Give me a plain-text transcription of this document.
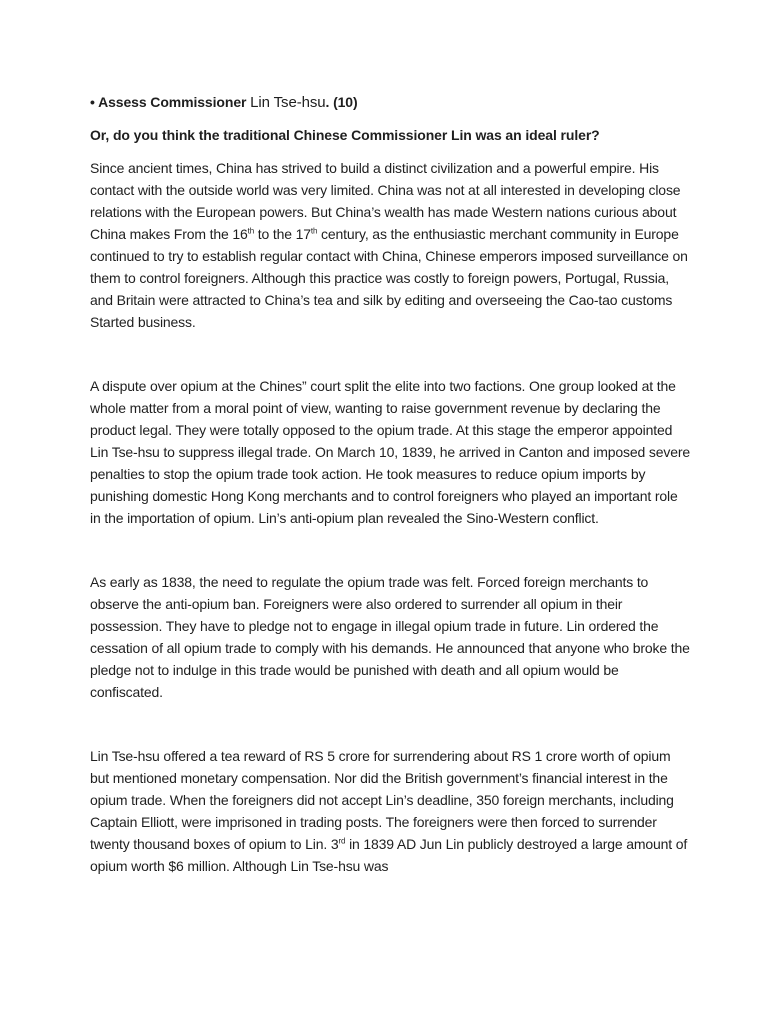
• Assess Commissioner Lin Tse-hsu. (10)

Or, do you think the traditional Chinese Commissioner Lin was an ideal ruler?

Since ancient times, China has strived to build a distinct civilization and a powerful empire. His contact with the outside world was very limited. China was not at all interested in developing close relations with the European powers. But China’s wealth has made Western nations curious about China makes From the 16th to the 17th century, as the enthusiastic merchant community in Europe continued to try to establish regular contact with China, Chinese emperors imposed surveillance on them to control foreigners. Although this practice was costly to foreign powers, Portugal, Russia, and Britain were attracted to China’s tea and silk by editing and overseeing the Cao-tao customs Started business.

A dispute over opium at the Chines” court split the elite into two factions. One group looked at the whole matter from a moral point of view, wanting to raise government revenue by declaring the product legal. They were totally opposed to the opium trade. At this stage the emperor appointed Lin Tse-hsu to suppress illegal trade. On March 10, 1839, he arrived in Canton and imposed severe penalties to stop the opium trade took action. He took measures to reduce opium imports by punishing domestic Hong Kong merchants and to control foreigners who played an important role in the importation of opium. Lin’s anti-opium plan revealed the Sino-Western conflict.

As early as 1838, the need to regulate the opium trade was felt. Forced foreign merchants to observe the anti-opium ban. Foreigners were also ordered to surrender all opium in their possession. They have to pledge not to engage in illegal opium trade in future. Lin ordered the cessation of all opium trade to comply with his demands. He announced that anyone who broke the pledge not to indulge in this trade would be punished with death and all opium would be confiscated.

Lin Tse-hsu offered a tea reward of RS 5 crore for surrendering about RS 1 crore worth of opium but mentioned monetary compensation. Nor did the British government’s financial interest in the opium trade. When the foreigners did not accept Lin’s deadline, 350 foreign merchants, including Captain Elliott, were imprisoned in trading posts. The foreigners were then forced to surrender twenty thousand boxes of opium to Lin. 3rd in 1839 AD Jun Lin publicly destroyed a large amount of opium worth $6 million. Although Lin Tse-hsu was
